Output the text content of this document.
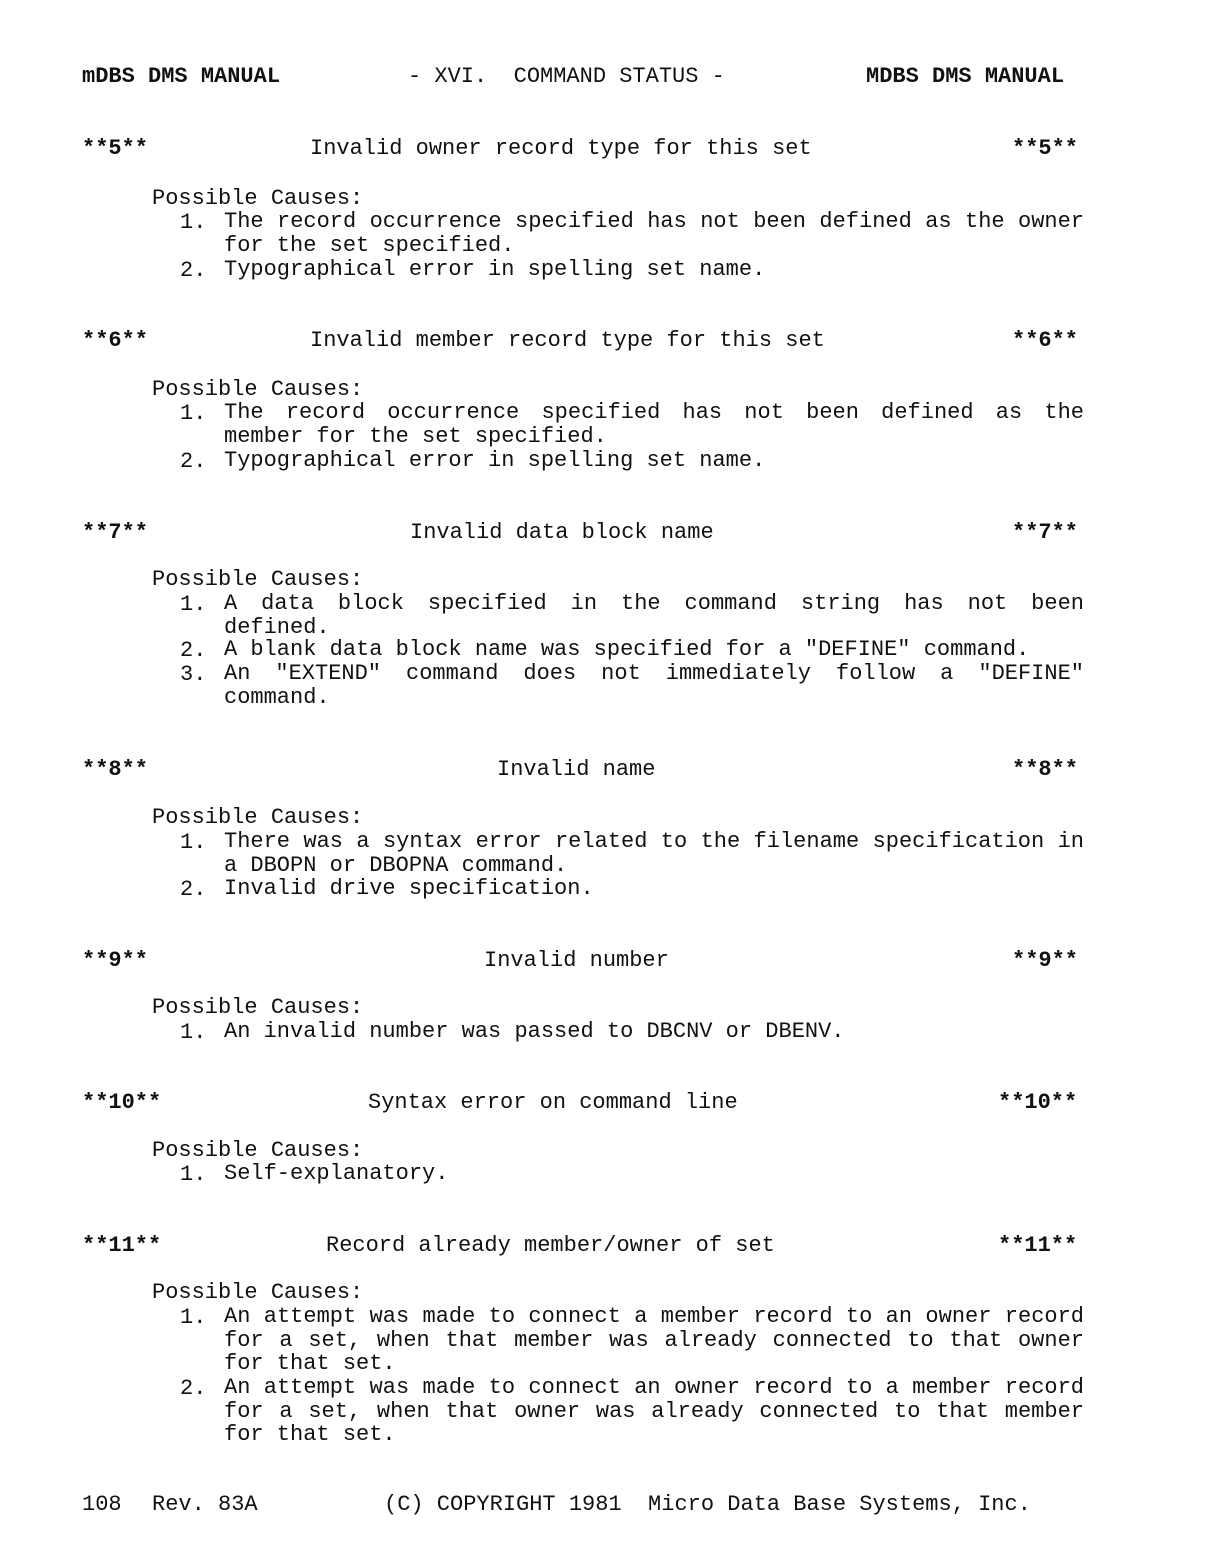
mDBS DMS MANUAL	- XVI.  COMMAND STATUS -	MDBS DMS MANUAL
**5**	Invalid owner record type for this set	**5**
Possible Causes:
1. The record occurrence specified has not been defined as the owner for the set specified.
2. Typographical error in spelling set name.
**6**	Invalid member record type for this set	**6**
Possible Causes:
1. The record occurrence specified has not been defined as the member for the set specified.
2. Typographical error in spelling set name.
**7**	Invalid data block name	**7**
Possible Causes:
1. A data block specified in the command string has not been defined.
2. A blank data block name was specified for a "DEFINE" command.
3. An "EXTEND" command does not immediately follow a "DEFINE" command.
**8**	Invalid name	**8**
Possible Causes:
1. There was a syntax error related to the filename specification in a DBOPN or DBOPNA command.
2. Invalid drive specification.
**9**	Invalid number	**9**
Possible Causes:
1. An invalid number was passed to DBCNV or DBENV.
**10**	Syntax error on command line	**10**
Possible Causes:
1. Self-explanatory.
**11**	Record already member/owner of set	**11**
Possible Causes:
1. An attempt was made to connect a member record to an owner record for a set, when that member was already connected to that owner for that set.
2. An attempt was made to connect an owner record to a member record for a set, when that owner was already connected to that member for that set.
108 Rev. 83A	(C) COPYRIGHT 1981  Micro Data Base Systems, Inc.
